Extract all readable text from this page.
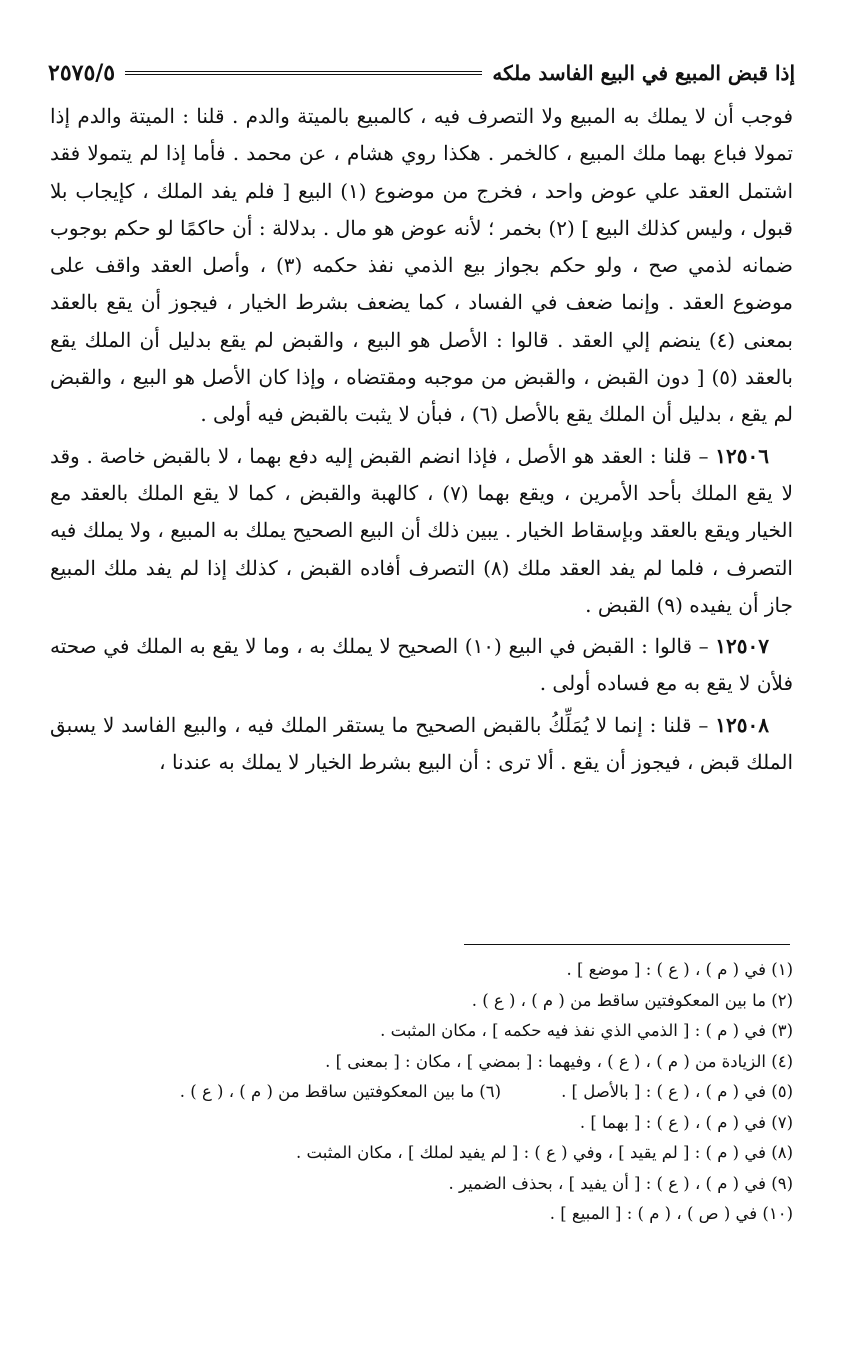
إذا قبض المبيع في البيع الفاسد ملكه
٢٥٧٥/٥

فوجب أن لا يملك به المبيع ولا التصرف فيه ، كالمبيع بالميتة والدم . قلنا : الميتة والدم إذا تمولا فباع بهما ملك المبيع ، كالخمر . هكذا روي هشام ، عن محمد . فأما إذا لم يتمولا فقد اشتمل العقد علي عوض واحد ، فخرج من موضوع (١) البيع [ فلم يفد الملك ، كإيجاب بلا قبول ، وليس كذلك البيع ] (٢) بخمر ؛ لأنه عوض هو مال . بدلالة : أن حاكمًا لو حكم بوجوب ضمانه لذمي صح ، ولو حكم بجواز بيع الذمي نفذ حكمه (٣) ، وأصل العقد واقف على موضوع العقد . وإنما ضعف في الفساد ، كما يضعف بشرط الخيار ، فيجوز أن يقع بالعقد بمعنى (٤) ينضم إلي العقد . قالوا : الأصل هو البيع ، والقبض لم يقع بدليل أن الملك يقع بالعقد (٥) [ دون القبض ، والقبض من موجبه ومقتضاه ، وإذا كان الأصل هو البيع ، والقبض لم يقع ، بدليل أن الملك يقع بالأصل (٦) ، فبأن لا يثبت بالقبض فيه أولى .

١٢٥٠٦ – قلنا : العقد هو الأصل ، فإذا انضم القبض إليه دفع بهما ، لا بالقبض خاصة . وقد لا يقع الملك بأحد الأمرين ، ويقع بهما (٧) ، كالهبة والقبض ، كما لا يقع الملك بالعقد مع الخيار ويقع بالعقد وبإسقاط الخيار . يبين ذلك أن البيع الصحيح يملك به المبيع ، ولا يملك فيه التصرف ، فلما لم يفد العقد ملك (٨) التصرف أفاده القبض ، كذلك إذا لم يفد ملك المبيع جاز أن يفيده (٩) القبض .

١٢٥٠٧ – قالوا : القبض في البيع (١٠) الصحيح لا يملك به ، وما لا يقع به الملك في صحته فلأن لا يقع به مع فساده أولى .

١٢٥٠٨ – قلنا : إنما لا يُمَلِّكُ بالقبض الصحيح ما يستقر الملك فيه ، والبيع الفاسد لا يسبق الملك قبض ، فيجوز أن يقع . ألا ترى : أن البيع بشرط الخيار لا يملك به عندنا ،

(١) في ( م ) ، ( ع ) : [ موضع ] .
(٢) ما بين المعكوفتين ساقط من ( م ) ، ( ع ) .
(٣) في ( م ) : [ الذمي الذي نفذ فيه حكمه ] ، مكان المثبت .
(٤) الزيادة من ( م ) ، ( ع ) ، وفيهما : [ بمضي ] ، مكان : [ بمعنى ] .
(٥) في ( م ) ، ( ع ) : [ بالأصل ] .
(٦) ما بين المعكوفتين ساقط من ( م ) ، ( ع ) .
(٧) في ( م ) ، ( ع ) : [ بهما ] .
(٨) في ( م ) : [ لم يقيد ] ، وفي ( ع ) : [ لم يفيد لملك ] ، مكان المثبت .
(٩) في ( م ) ، ( ع ) : [ أن يفيد ] ، بحذف الضمير .
(١٠) في ( ص ) ، ( م ) : [ المبيع ] .
